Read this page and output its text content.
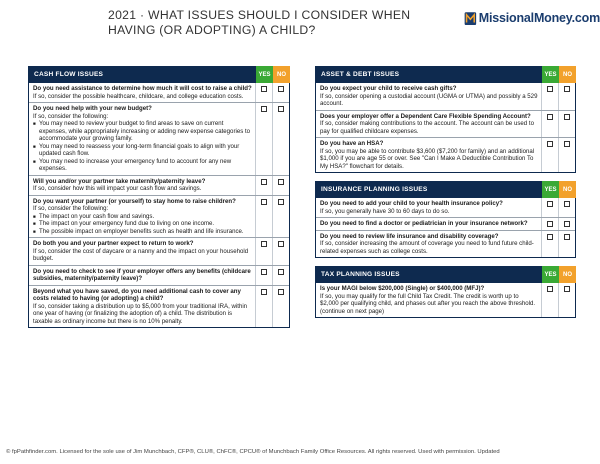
2021 · WHAT ISSUES SHOULD I CONSIDER WHEN HAVING (OR ADOPTING) A CHILD?
MissionalMoney.com
CASH FLOW ISSUES	YES	NO
Do you need assistance to determine how much it will cost to raise a child?
If so, consider the possible healthcare, childcare, and college education costs.
Do you need help with your new budget?
If so, consider the following:
■ You may need to review your budget to find areas to save on current expenses, while appropriately increasing or adding new expense categories to accommodate your growing family.
■ You may need to reassess your long-term financial goals to align with your updated cash flow.
■ You may need to increase your emergency fund to account for any new expenses.
Will you and/or your partner take maternity/paternity leave?
If so, consider how this will impact your cash flow and savings.
Do you want your partner (or yourself) to stay home to raise children?
If so, consider the following:
■ The impact on your cash flow and savings.
■ The impact on your emergency fund due to living on one income.
■ The possible impact on employer benefits such as health and life insurance.
Do both you and your partner expect to return to work?
If so, consider the cost of daycare or a nanny and the impact on your household budget.
Do you need to check to see if your employer offers any benefits (childcare subsidies, maternity/paternity leave)?
Beyond what you have saved, do you need additional cash to cover any costs related to having (or adopting) a child?
If so, consider taking a distribution up to $5,000 from your traditional IRA, within one year of having (or finalizing the adoption of) a child. The distribution is taxable as ordinary income but there is no 10% penalty.
ASSET & DEBT ISSUES	YES	NO
Do you expect your child to receive cash gifts?
If so, consider opening a custodial account (UGMA or UTMA) and possibly a 529 account.
Does your employer offer a Dependent Care Flexible Spending Account?
If so, consider making contributions to the account. The account can be used to pay for qualified childcare expenses.
Do you have an HSA?
If so, you may be able to contribute $3,600 ($7,200 for family) and an additional $1,000 if you are age 55 or over. See "Can I Make A Deductible Contribution To My HSA?" flowchart for details.
INSURANCE PLANNING ISSUES	YES	NO
Do you need to add your child to your health insurance policy?
If so, you generally have 30 to 60 days to do so.
Do you need to find a doctor or pediatrician in your insurance network?
Do you need to review life insurance and disability coverage?
If so, consider increasing the amount of coverage you need to fund future child-related expenses such as college costs.
TAX PLANNING ISSUES	YES	NO
Is your MAGI below $200,000 (Single) or $400,000 (MFJ)?
If so, you may qualify for the full Child Tax Credit. The credit is worth up to $2,000 per qualifying child, and phases out after you reach the above threshold.
(continue on next page)
© fpPathfinder.com. Licensed for the sole use of Jim Munchbach, CFP®, CLU®, ChFC®, CPCU® of Munchbach Family Office Resources. All rights reserved. Used with permission. Updated
